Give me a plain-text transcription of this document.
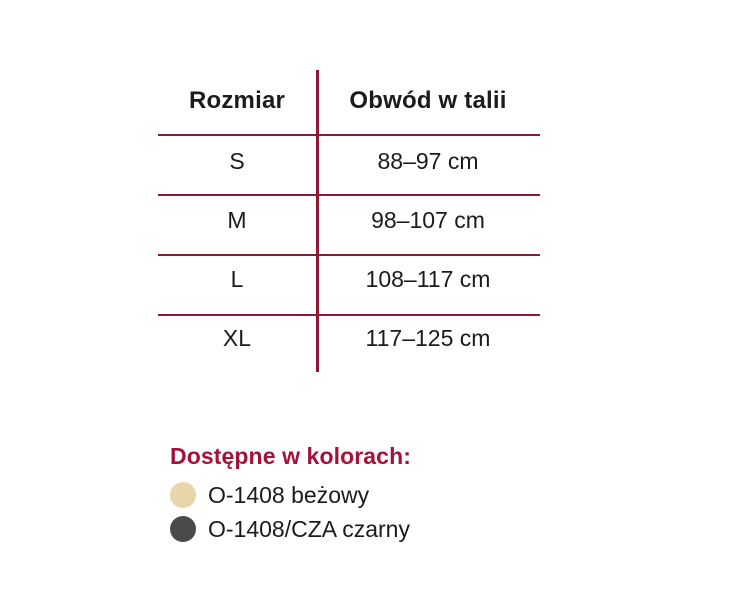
Rozmiar	Obwód w talii
S	88–97 cm
M	98–107 cm
L	108–117 cm
XL	117–125 cm
Dostępne w kolorach:
O-1408 beżowy
O-1408/CZA czarny
